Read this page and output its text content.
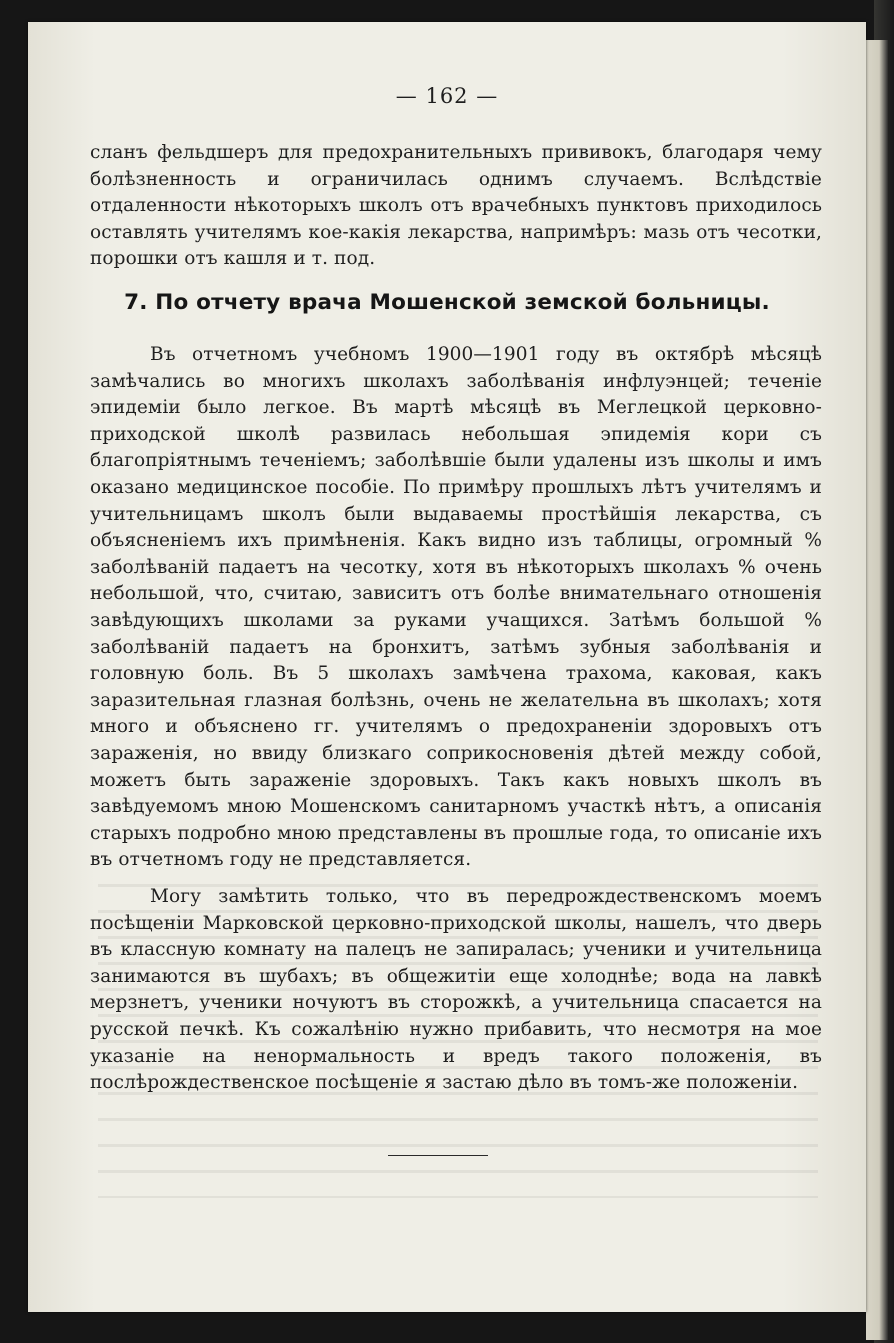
— 162 —

сланъ фельдшеръ для предохранительныхъ прививокъ, благодаря чему болѣзненность и ограничилась однимъ случаемъ. Вслѣдствіе отдаленности нѣкоторыхъ школъ отъ врачебныхъ пунктовъ приходилось оставлять учителямъ кое-какія лекарства, напримѣръ: мазь отъ чесотки, порошки отъ кашля и т. под.

7. По отчету врача Мошенской земской больницы.

Въ отчетномъ учебномъ 1900—1901 году въ октябрѣ мѣсяцѣ замѣчались во многихъ школахъ заболѣванія инфлуэнцей; теченіе эпидеміи было легкое. Въ мартѣ мѣсяцѣ въ Меглецкой церковно-приходской школѣ развилась небольшая эпидемія кори съ благопріятнымъ теченіемъ; заболѣвшіе были удалены изъ школы и имъ оказано медицинское пособіе. По примѣру прошлыхъ лѣтъ учителямъ и учительницамъ школъ были выдаваемы простѣйшія лекарства, съ объясненіемъ ихъ примѣненія. Какъ видно изъ таблицы, огромный % заболѣваній падаетъ на чесотку, хотя въ нѣкоторыхъ школахъ % очень небольшой, что, считаю, зависитъ отъ болѣе внимательнаго отношенія завѣдующихъ школами за руками учащихся. Затѣмъ большой % заболѣваній падаетъ на бронхитъ, затѣмъ зубныя заболѣванія и головную боль. Въ 5 школахъ замѣчена трахома, каковая, какъ заразительная глазная болѣзнь, очень не желательна въ школахъ; хотя много и объяснено гг. учителямъ о предохраненіи здоровыхъ отъ зараженія, но ввиду близкаго соприкосновенія дѣтей между собой, можетъ быть зараженіе здоровыхъ. Такъ какъ новыхъ школъ въ завѣдуемомъ мною Мошенскомъ санитарномъ участкѣ нѣтъ, а описанія старыхъ подробно мною представлены въ прошлые года, то описаніе ихъ въ отчетномъ году не представляется.

Могу замѣтить только, что въ передрождественскомъ моемъ посѣщеніи Марковской церковно-приходской школы, нашелъ, что дверь въ классную комнату на палецъ не запиралась; ученики и учительница занимаются въ шубахъ; въ общежитіи еще холоднѣе; вода на лавкѣ мерзнетъ, ученики ночуютъ въ сторожкѣ, а учительница спасается на русской печкѣ. Къ сожалѣнію нужно прибавить, что несмотря на мое указаніе на ненормальность и вредъ такого положенія, въ послѣрождественское посѣщеніе я застаю дѣло въ томъ-же положеніи.
